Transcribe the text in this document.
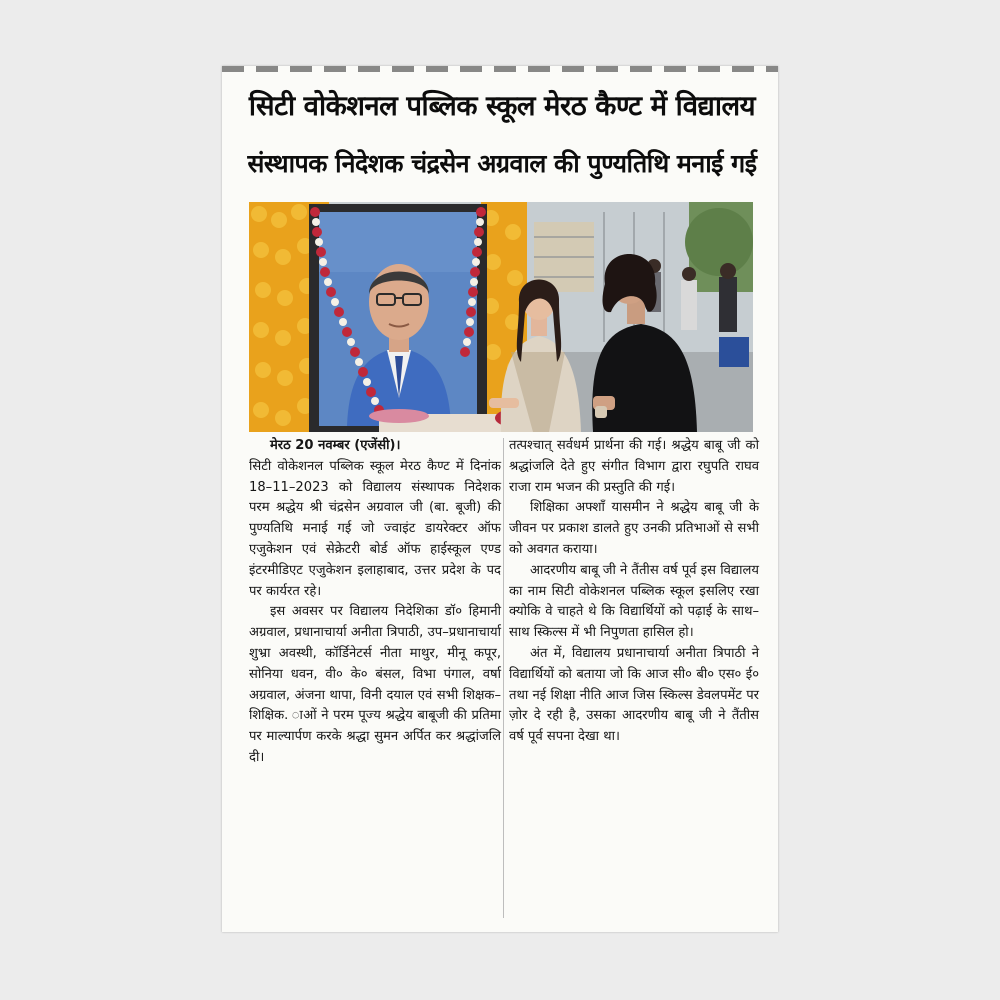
सिटी वोकेशनल पब्लिक स्कूल मेरठ कैण्ट में विद्यालय
संस्थापक निदेशक चंद्रसेन अग्रवाल की पुण्यतिथि मनाई गई

मेरठ 20 नवम्बर (एजेंसी)।

सिटी वोकेशनल पब्लिक स्कूल मेरठ कैण्ट में दिनांक 18–11–2023 को विद्यालय संस्थापक निदेशक परम श्रद्धेय श्री चंद्रसेन अग्रवाल जी (बा. बूजी) की पुण्यतिथि मनाई गई जो ज्वाइंट डायरेक्टर ऑफ एजुकेशन एवं सेक्रेटरी बोर्ड ऑफ हाईस्कूल एण्ड इंटरमीडिएट एजुकेशन इलाहाबाद, उत्तर प्रदेश के पद पर कार्यरत रहे।

इस अवसर पर विद्यालय निदेशिका डॉ० हिमानी अग्रवाल, प्रधानाचार्या अनीता त्रिपाठी, उप–प्रधानाचार्या शुभ्रा अवस्थी, कॉर्डिनेटर्स नीता माथुर, मीनू कपूर, सोनिया धवन, वी० के० बंसल, विभा पंगाल, वर्षा अग्रवाल, अंजना थापा, विनी दयाल एवं सभी शिक्षक–शिक्षिक. ाओं ने परम पूज्य श्रद्धेय बाबूजी की प्रतिमा पर माल्यार्पण करके श्रद्धा सुमन अर्पित कर श्रद्धांजलि दी।

तत्पश्चात् सर्वधर्म प्रार्थना की गई। श्रद्धेय बाबू जी को श्रद्धांजलि देते हुए संगीत विभाग द्वारा रघुपति राघव राजा राम भजन की प्रस्तुति की गई।

शिक्षिका अफ्शाँ यासमीन ने श्रद्धेय बाबू जी के जीवन पर प्रकाश डालते हुए उनकी प्रतिभाओं से सभी को अवगत कराया।

आदरणीय बाबू जी ने तैंतीस वर्ष पूर्व इस विद्यालय का नाम सिटी वोकेशनल पब्लिक स्कूल इसलिए रखा क्योकि वे चाहते थे कि विद्यार्थियों को पढ़ाई के साथ–साथ स्किल्स में भी निपुणता हासिल हो।

अंत में, विद्यालय प्रधानाचार्या अनीता त्रिपाठी ने विद्यार्थियों को बताया जो कि आज सी० बी० एस० ई० तथा नई शिक्षा नीति आज जिस स्किल्स डेवलपमेंट पर ज़ोर दे रही है, उसका आदरणीय बाबू जी ने तैंतीस वर्ष पूर्व सपना देखा था।
